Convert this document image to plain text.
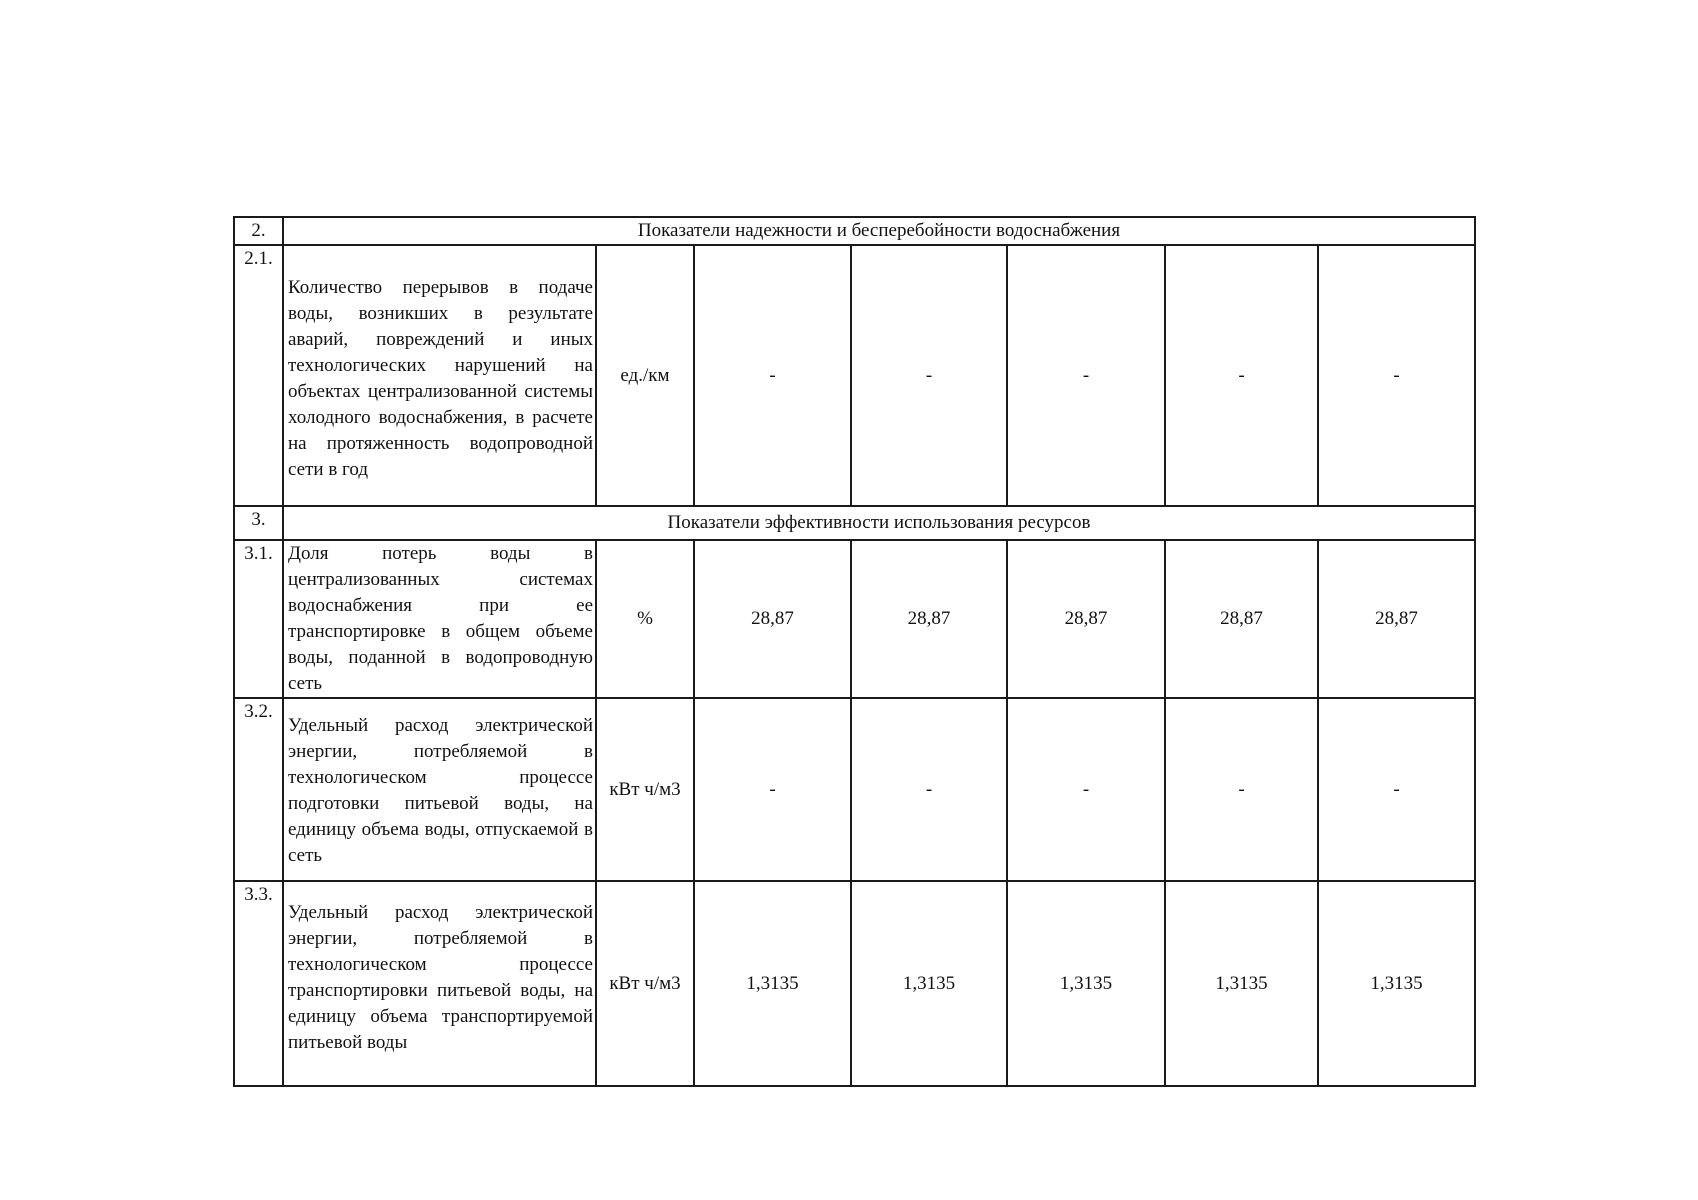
2.	Показатели надежности и бесперебойности водоснабжения						
2.1.	Количество перерывов в подаче воды, возникших в результате аварий, повреждений и иных технологических нарушений на объектах централизованной системы холодного водоснабжения, в расчете на протяженность водопроводной сети в год	ед./км	-	-	-	-	-
3.	Показатели эффективности использования ресурсов						
3.1.	Доля потерь воды в централизованных системах водоснабжения при ее транспортировке в общем объеме воды, поданной в водопроводную сеть	%	28,87	28,87	28,87	28,87	28,87
3.2.	Удельный расход электрической энергии, потребляемой в технологическом процессе подготовки питьевой воды, на единицу объема воды, отпускаемой в сеть	кВт ч/м3	-	-	-	-	-
3.3.	Удельный расход электрической энергии, потребляемой в технологическом процессе транспортировки питьевой воды, на единицу объема транспортируемой питьевой воды	кВт ч/м3	1,3135	1,3135	1,3135	1,3135	1,3135
